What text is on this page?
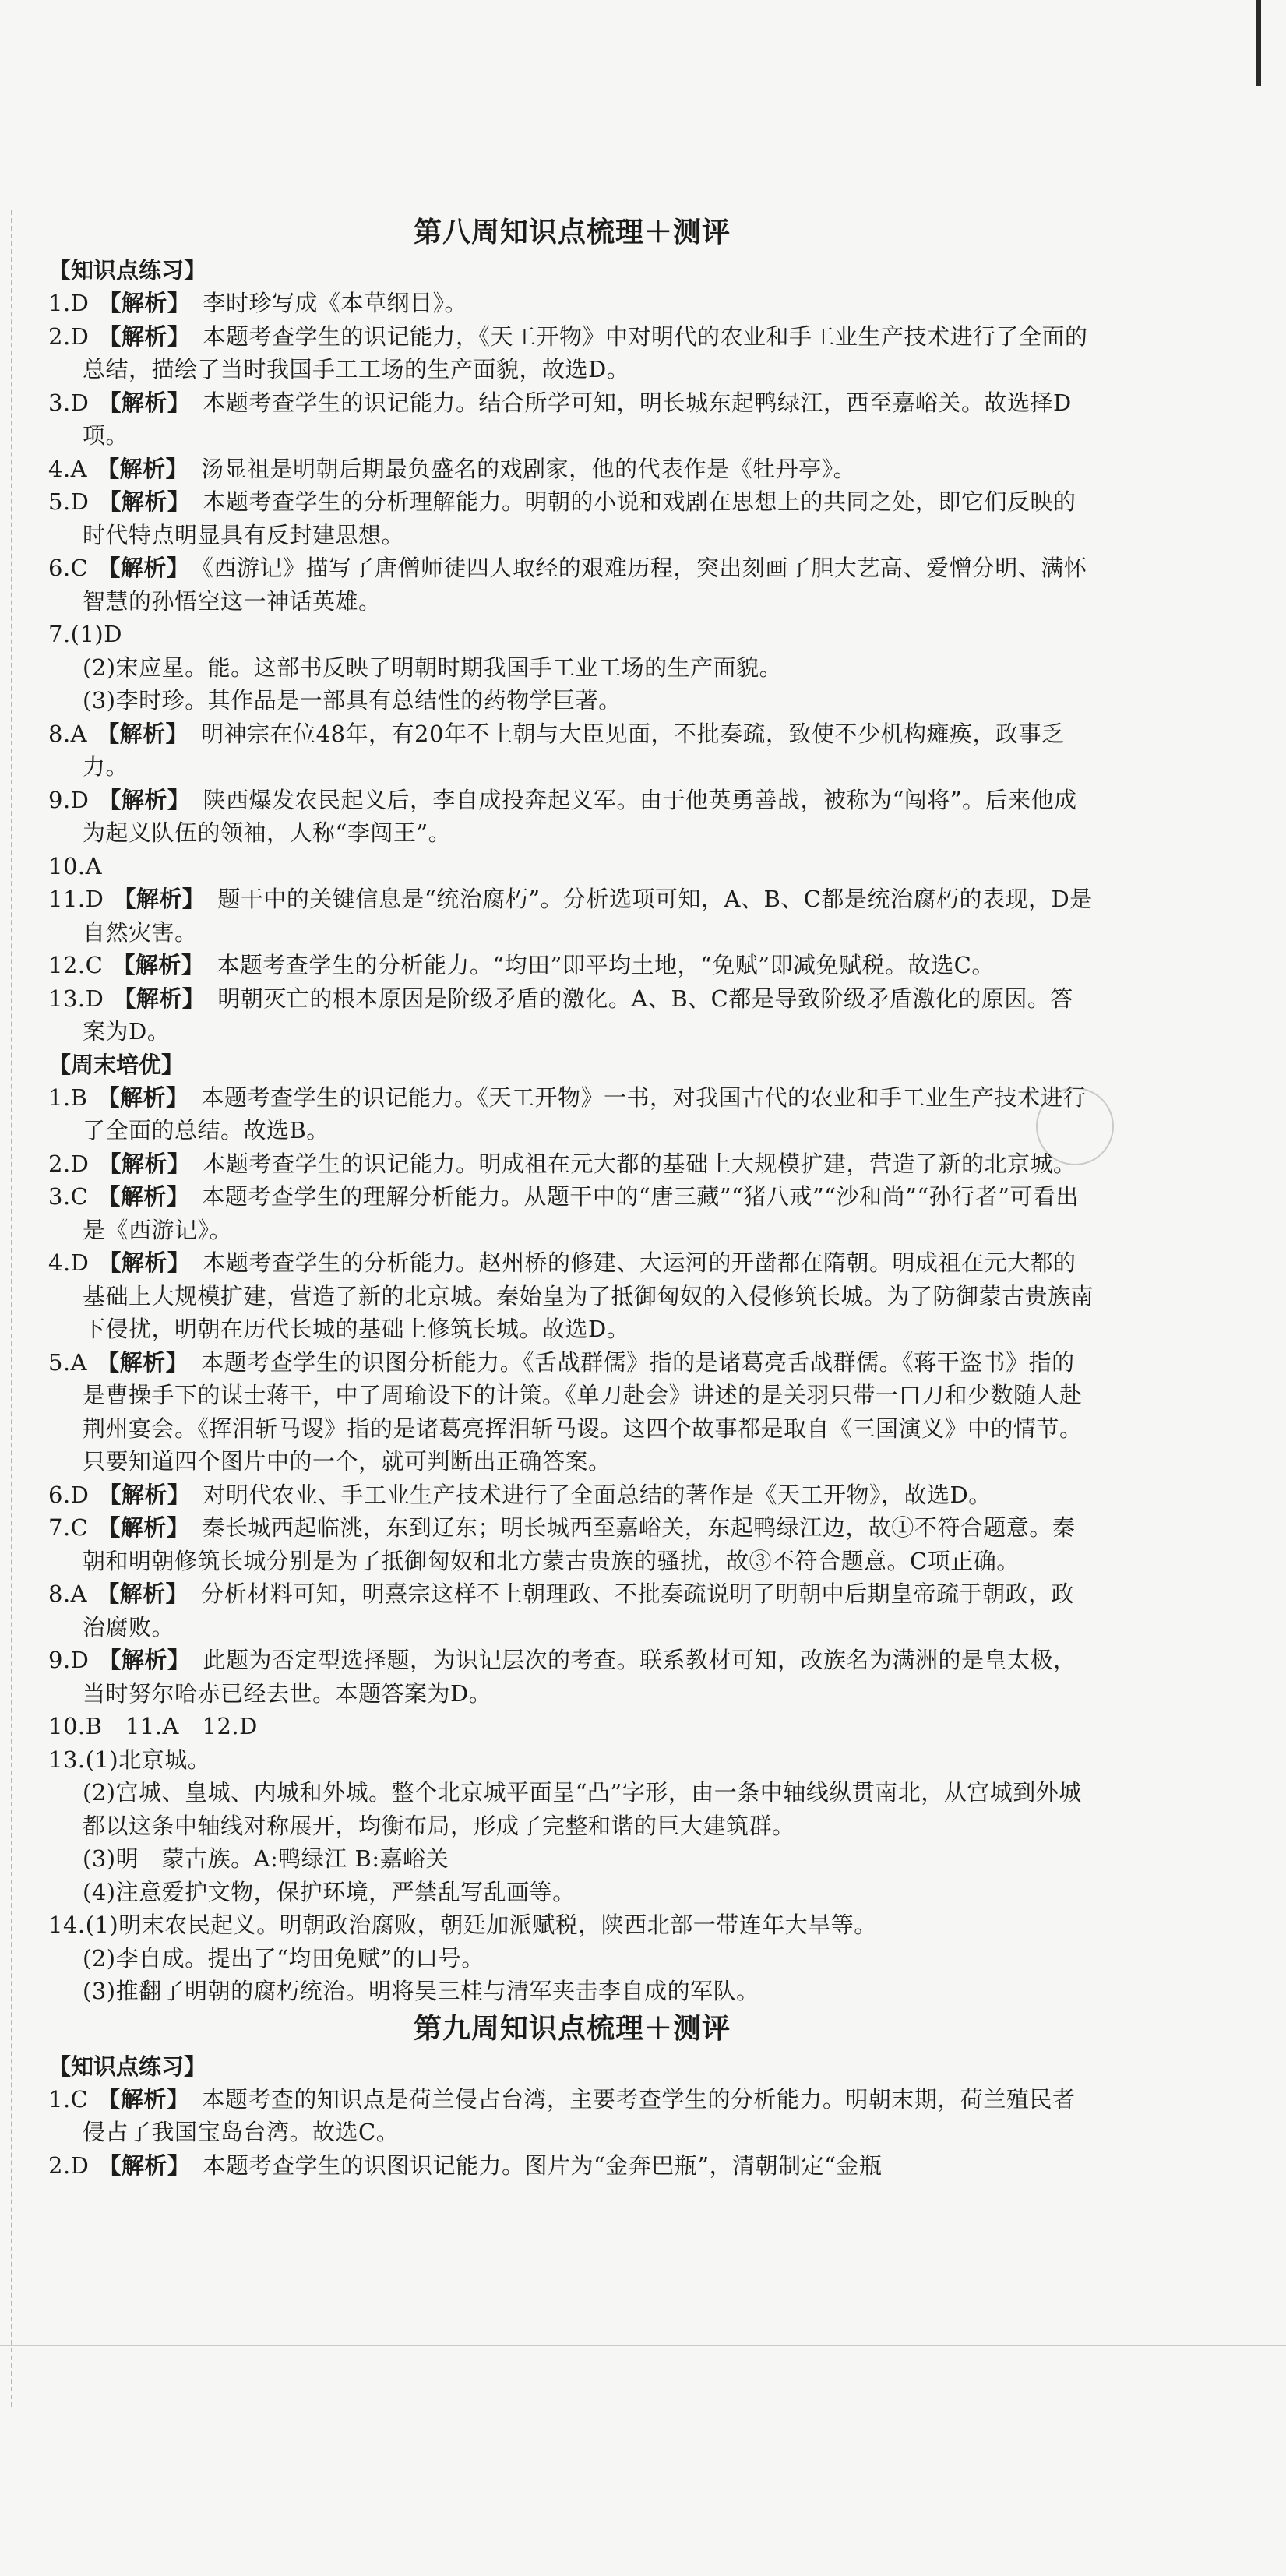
第八周知识点梳理＋测评

【知识点练习】

1.D 【解析】 李时珍写成《本草纲目》。

2.D 【解析】 本题考查学生的识记能力，《天工开物》中对明代的农业和手工业生产技术进行了全面的总结，描绘了当时我国手工工场的生产面貌，故选D。

3.D 【解析】 本题考查学生的识记能力。结合所学可知，明长城东起鸭绿江，西至嘉峪关。故选择D项。

4.A 【解析】 汤显祖是明朝后期最负盛名的戏剧家，他的代表作是《牡丹亭》。

5.D 【解析】 本题考查学生的分析理解能力。明朝的小说和戏剧在思想上的共同之处，即它们反映的时代特点明显具有反封建思想。

6.C 【解析】 《西游记》描写了唐僧师徒四人取经的艰难历程，突出刻画了胆大艺高、爱憎分明、满怀智慧的孙悟空这一神话英雄。

7.(1)D

(2)宋应星。能。这部书反映了明朝时期我国手工业工场的生产面貌。

(3)李时珍。其作品是一部具有总结性的药物学巨著。

8.A 【解析】 明神宗在位48年，有20年不上朝与大臣见面，不批奏疏，致使不少机构瘫痪，政事乏力。

9.D 【解析】 陕西爆发农民起义后，李自成投奔起义军。由于他英勇善战，被称为“闯将”。后来他成为起义队伍的领袖，人称“李闯王”。

10.A

11.D 【解析】 题干中的关键信息是“统治腐朽”。分析选项可知，A、B、C都是统治腐朽的表现，D是自然灾害。

12.C 【解析】 本题考查学生的分析能力。“均田”即平均土地，“免赋”即减免赋税。故选C。

13.D 【解析】 明朝灭亡的根本原因是阶级矛盾的激化。A、B、C都是导致阶级矛盾激化的原因。答案为D。

【周末培优】

1.B 【解析】 本题考查学生的识记能力。《天工开物》一书，对我国古代的农业和手工业生产技术进行了全面的总结。故选B。

2.D 【解析】 本题考查学生的识记能力。明成祖在元大都的基础上大规模扩建，营造了新的北京城。

3.C 【解析】 本题考查学生的理解分析能力。从题干中的“唐三藏”“猪八戒”“沙和尚”“孙行者”可看出是《西游记》。

4.D 【解析】 本题考查学生的分析能力。赵州桥的修建、大运河的开凿都在隋朝。明成祖在元大都的基础上大规模扩建，营造了新的北京城。秦始皇为了抵御匈奴的入侵修筑长城。为了防御蒙古贵族南下侵扰，明朝在历代长城的基础上修筑长城。故选D。

5.A 【解析】 本题考查学生的识图分析能力。《舌战群儒》指的是诸葛亮舌战群儒。《蒋干盗书》指的是曹操手下的谋士蒋干，中了周瑜设下的计策。《单刀赴会》讲述的是关羽只带一口刀和少数随人赴荆州宴会。《挥泪斩马谡》指的是诸葛亮挥泪斩马谡。这四个故事都是取自《三国演义》中的情节。只要知道四个图片中的一个，就可判断出正确答案。

6.D 【解析】 对明代农业、手工业生产技术进行了全面总结的著作是《天工开物》，故选D。

7.C 【解析】 秦长城西起临洮，东到辽东；明长城西至嘉峪关，东起鸭绿江边，故①不符合题意。秦朝和明朝修筑长城分别是为了抵御匈奴和北方蒙古贵族的骚扰，故③不符合题意。C项正确。

8.A 【解析】 分析材料可知，明熹宗这样不上朝理政、不批奏疏说明了明朝中后期皇帝疏于朝政，政治腐败。

9.D 【解析】 此题为否定型选择题，为识记层次的考查。联系教材可知，改族名为满洲的是皇太极，当时努尔哈赤已经去世。本题答案为D。

10.B　11.A　12.D

13.(1)北京城。

(2)宫城、皇城、内城和外城。整个北京城平面呈“凸”字形，由一条中轴线纵贯南北，从宫城到外城都以这条中轴线对称展开，均衡布局，形成了完整和谐的巨大建筑群。

(3)明　蒙古族。A:鸭绿江 B:嘉峪关

(4)注意爱护文物，保护环境，严禁乱写乱画等。

14.(1)明末农民起义。明朝政治腐败，朝廷加派赋税，陕西北部一带连年大旱等。

(2)李自成。提出了“均田免赋”的口号。

(3)推翻了明朝的腐朽统治。明将吴三桂与清军夹击李自成的军队。

第九周知识点梳理＋测评

【知识点练习】

1.C 【解析】 本题考查的知识点是荷兰侵占台湾，主要考查学生的分析能力。明朝末期，荷兰殖民者侵占了我国宝岛台湾。故选C。

2.D 【解析】 本题考查学生的识图识记能力。图片为“金奔巴瓶”，清朝制定“金瓶
